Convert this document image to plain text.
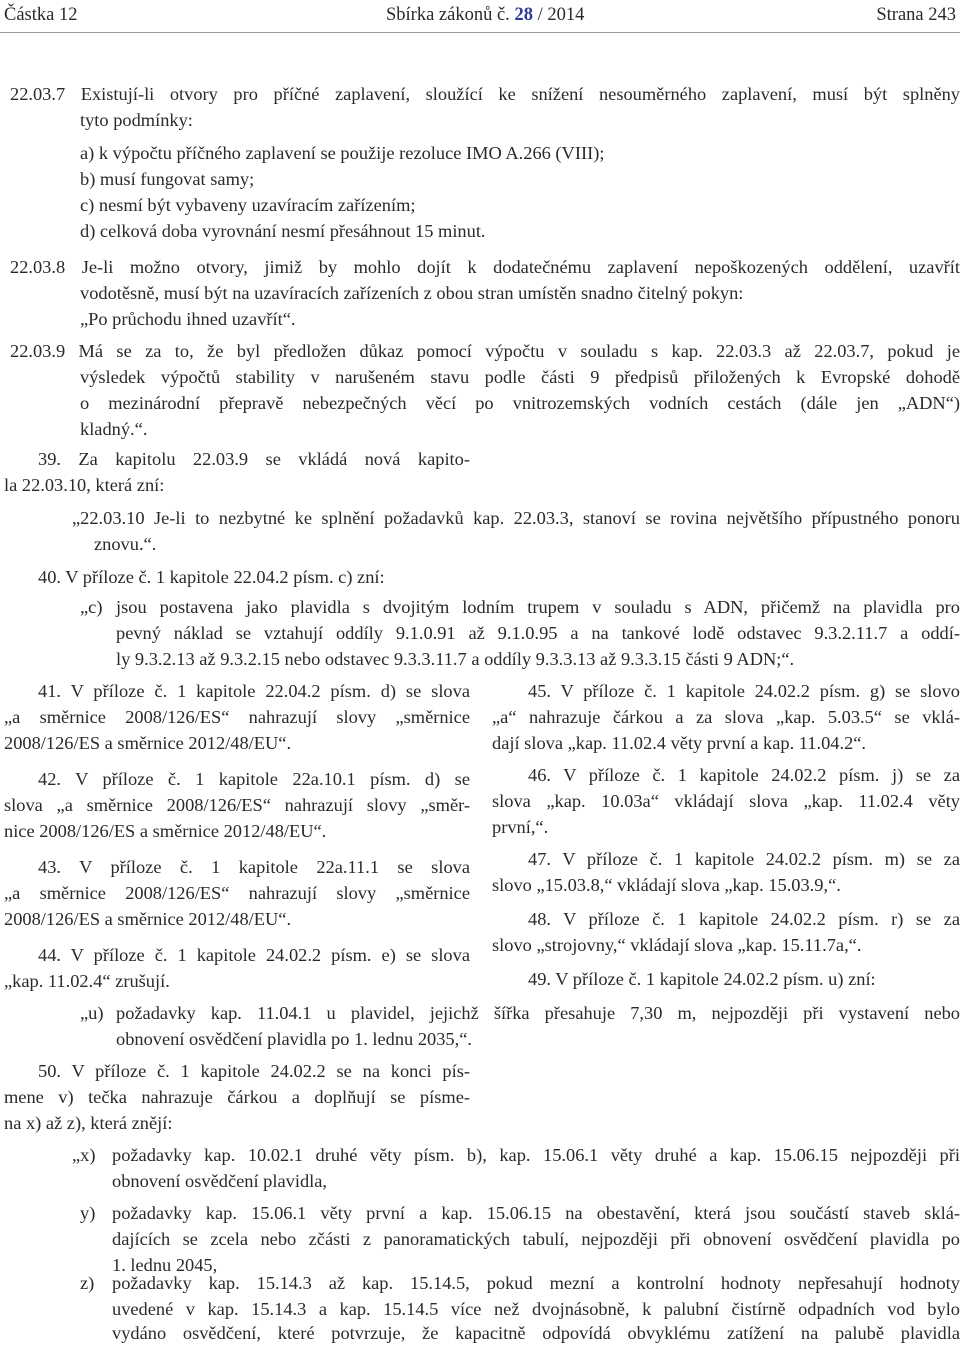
Částka 12	Sbírka zákonů č. 28 / 2014	Strana 243
22.03.7 Existují-li otvory pro příčné zaplavení, sloužící ke snížení nesouměrného zaplavení, musí být splněny
tyto podmínky:
a) k výpočtu příčného zaplavení se použije rezoluce IMO A.266 (VIII);
b) musí fungovat samy;
c) nesmí být vybaveny uzavíracím zařízením;
d) celková doba vyrovnání nesmí přesáhnout 15 minut.
22.03.8 Je-li možno otvory, jimiž by mohlo dojít k dodatečnému zaplavení nepoškozených oddělení, uzavřít
vodotěsně, musí být na uzavíracích zařízeních z obou stran umístěn snadno čitelný pokyn:
„Po průchodu ihned uzavřít“.
22.03.9 Má se za to, že byl předložen důkaz pomocí výpočtu v souladu s kap. 22.03.3 až 22.03.7, pokud je
výsledek výpočtů stability v narušeném stavu podle části 9 předpisů přiložených k Evropské dohodě
o mezinárodní přepravě nebezpečných věcí po vnitrozemských vodních cestách (dále jen „ADN“)
kladný.“.
39. Za kapitolu 22.03.9 se vkládá nová kapito-
la 22.03.10, která zní:
„22.03.10 Je-li to nezbytné ke splnění požadavků kap. 22.03.3, stanoví se rovina největšího přípustného ponoru
znovu.“.
40. V příloze č. 1 kapitole 22.04.2 písm. c) zní:
„c) jsou postavena jako plavidla s dvojitým lodním trupem v souladu s ADN, přičemž na plavidla pro
pevný náklad se vztahují oddíly 9.1.0.91 až 9.1.0.95 a na tankové lodě odstavec 9.3.2.11.7 a oddí-
ly 9.3.2.13 až 9.3.2.15 nebo odstavec 9.3.3.11.7 a oddíly 9.3.3.13 až 9.3.3.15 části 9 ADN;“.
41. V příloze č. 1 kapitole 22.04.2 písm. d) se slova
„a směrnice 2008/126/ES“ nahrazují slovy „směrnice
2008/126/ES a směrnice 2012/48/EU“.
42. V příloze č. 1 kapitole 22a.10.1 písm. d) se
slova „a směrnice 2008/126/ES“ nahrazují slovy „směr-
nice 2008/126/ES a směrnice 2012/48/EU“.
43. V příloze č. 1 kapitole 22a.11.1 se slova
„a směrnice 2008/126/ES“ nahrazují slovy „směrnice
2008/126/ES a směrnice 2012/48/EU“.
44. V příloze č. 1 kapitole 24.02.2 písm. e) se slova
„kap. 11.02.4“ zrušují.
45. V příloze č. 1 kapitole 24.02.2 písm. g) se slovo
„a“ nahrazuje čárkou a za slova „kap. 5.03.5“ se vklá-
dají slova „kap. 11.02.4 věty první a kap. 11.04.2“.
46. V příloze č. 1 kapitole 24.02.2 písm. j) se za
slova „kap. 10.03a“ vkládají slova „kap. 11.02.4 věty
první,“.
47. V příloze č. 1 kapitole 24.02.2 písm. m) se za
slovo „15.03.8,“ vkládají slova „kap. 15.03.9,“.
48. V příloze č. 1 kapitole 24.02.2 písm. r) se za
slovo „strojovny,“ vkládají slova „kap. 15.11.7a,“.
49. V příloze č. 1 kapitole 24.02.2 písm. u) zní:
„u) požadavky kap. 11.04.1 u plavidel, jejichž šířka přesahuje 7,30 m, nejpozději při vystavení nebo
obnovení osvědčení plavidla po 1. lednu 2035,“.
50. V příloze č. 1 kapitole 24.02.2 se na konci pís-
mene v) tečka nahrazuje čárkou a doplňují se písme-
na x) až z), která znějí:
„x) požadavky kap. 10.02.1 druhé věty písm. b), kap. 15.06.1 věty druhé a kap. 15.06.15 nejpozději při
obnovení osvědčení plavidla,
y) požadavky kap. 15.06.1 věty první a kap. 15.06.15 na obestavění, která jsou součástí staveb sklá-
dajících se zcela nebo zčásti z panoramatických tabulí, nejpozději při obnovení osvědčení plavidla po
1. lednu 2045,
z) požadavky kap. 15.14.3 až kap. 15.14.5, pokud mezní a kontrolní hodnoty nepřesahují hodnoty
uvedené v kap. 15.14.3 a kap. 15.14.5 více než dvojnásobně, k palubní čistírně odpadních vod bylo
vydáno osvědčení, které potvrzuje, že kapacitně odpovídá obvyklému zatížení na palubě plavidla
